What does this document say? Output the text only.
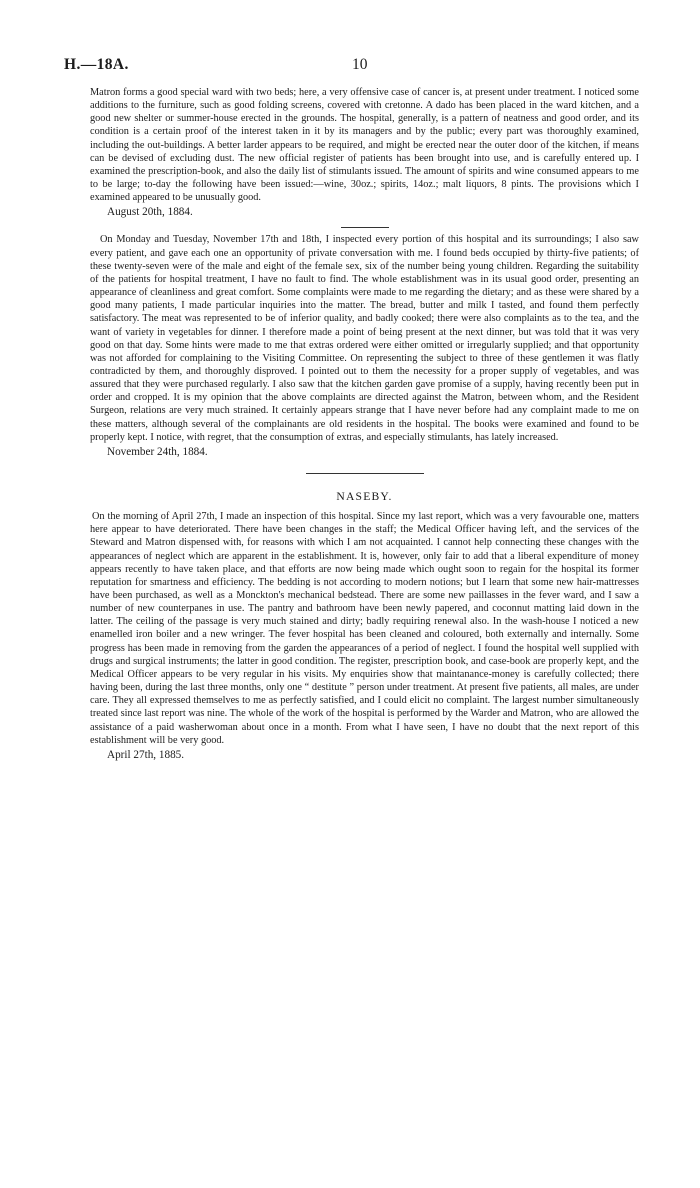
H.—18A.	10

Matron forms a good special ward with two beds; here, a very offensive case of cancer is, at present under treatment. I noticed some additions to the furniture, such as good folding screens, covered with cretonne. A dado has been placed in the ward kitchen, and a good new shelter or summer-house erected in the grounds. The hospital, generally, is a pattern of neatness and good order, and its condition is a certain proof of the interest taken in it by its managers and by the public; every part was thoroughly examined, including the out-buildings. A better larder appears to be required, and might be erected near the outer door of the kitchen, if means can be devised of excluding dust. The new official register of patients has been brought into use, and is carefully entered up. I examined the prescription-book, and also the daily list of stimulants issued. The amount of spirits and wine consumed appears to me to be large; to-day the following have been issued:—wine, 30oz.; spirits, 14oz.; malt liquors, 8 pints. The provisions which I examined appeared to be unusually good.

August 20th, 1884.

On Monday and Tuesday, November 17th and 18th, I inspected every portion of this hospital and its surroundings; I also saw every patient, and gave each one an opportunity of private conversation with me. I found beds occupied by thirty-five patients; of these twenty-seven were of the male and eight of the female sex, six of the number being young children. Regarding the suitability of the patients for hospital treatment, I have no fault to find. The whole establishment was in its usual good order, presenting an appearance of cleanliness and great comfort. Some complaints were made to me regarding the dietary; and as these were shared by a good many patients, I made particular inquiries into the matter. The bread, butter and milk I tasted, and found them perfectly satisfactory. The meat was represented to be of inferior quality, and badly cooked; there were also complaints as to the tea, and the want of variety in vegetables for dinner. I therefore made a point of being present at the next dinner, but was told that it was very good on that day. Some hints were made to me that extras ordered were either omitted or irregularly supplied; and that opportunity was not afforded for complaining to the Visiting Committee. On representing the subject to three of these gentlemen it was flatly contradicted by them, and thoroughly disproved. I pointed out to them the necessity for a proper supply of vegetables, and was assured that they were purchased regularly. I also saw that the kitchen garden gave promise of a supply, having recently been put in order and cropped. It is my opinion that the above complaints are directed against the Matron, between whom, and the Resident Surgeon, relations are very much strained. It certainly appears strange that I have never before had any complaint made to me on these matters, although several of the complainants are old residents in the hospital. The books were examined and found to be properly kept. I notice, with regret, that the consumption of extras, and especially stimulants, has lately increased.

November 24th, 1884.
NASEBY.

On the morning of April 27th, I made an inspection of this hospital. Since my last report, which was a very favourable one, matters here appear to have deteriorated. There have been changes in the staff; the Medical Officer having left, and the services of the Steward and Matron dispensed with, for reasons with which I am not acquainted. I cannot help connecting these changes with the appearances of neglect which are apparent in the establishment. It is, however, only fair to add that a liberal expenditure of money appears recently to have taken place, and that efforts are now being made which ought soon to regain for the hospital its former reputation for smartness and efficiency. The bedding is not according to modern notions; but I learn that some new hair-mattresses have been purchased, as well as a Monckton's mechanical bedstead. There are some new paillasses in the fever ward, and I saw a number of new counterpanes in use. The pantry and bathroom have been newly papered, and coconnut matting laid down in the latter. The ceiling of the passage is very much stained and dirty; badly requiring renewal also. In the wash-house I noticed a new enamelled iron boiler and a new wringer. The fever hospital has been cleaned and coloured, both externally and internally. Some progress has been made in removing from the garden the appearances of a period of neglect. I found the hospital well supplied with drugs and surgical instruments; the latter in good condition. The register, prescription book, and case-book are properly kept, and the Medical Officer appears to be very regular in his visits. My enquiries show that maintanance-money is carefully collected; there having been, during the last three months, only one “ destitute ” person under treatment. At present five patients, all males, are under care. They all expressed themselves to me as perfectly satisfied, and I could elicit no complaint. The largest number simultaneously treated since last report was nine. The whole of the work of the hospital is performed by the Warder and Matron, who are allowed the assistance of a paid washerwoman about once in a month. From what I have seen, I have no doubt that the next report of this establishment will be very good.

April 27th, 1885.
